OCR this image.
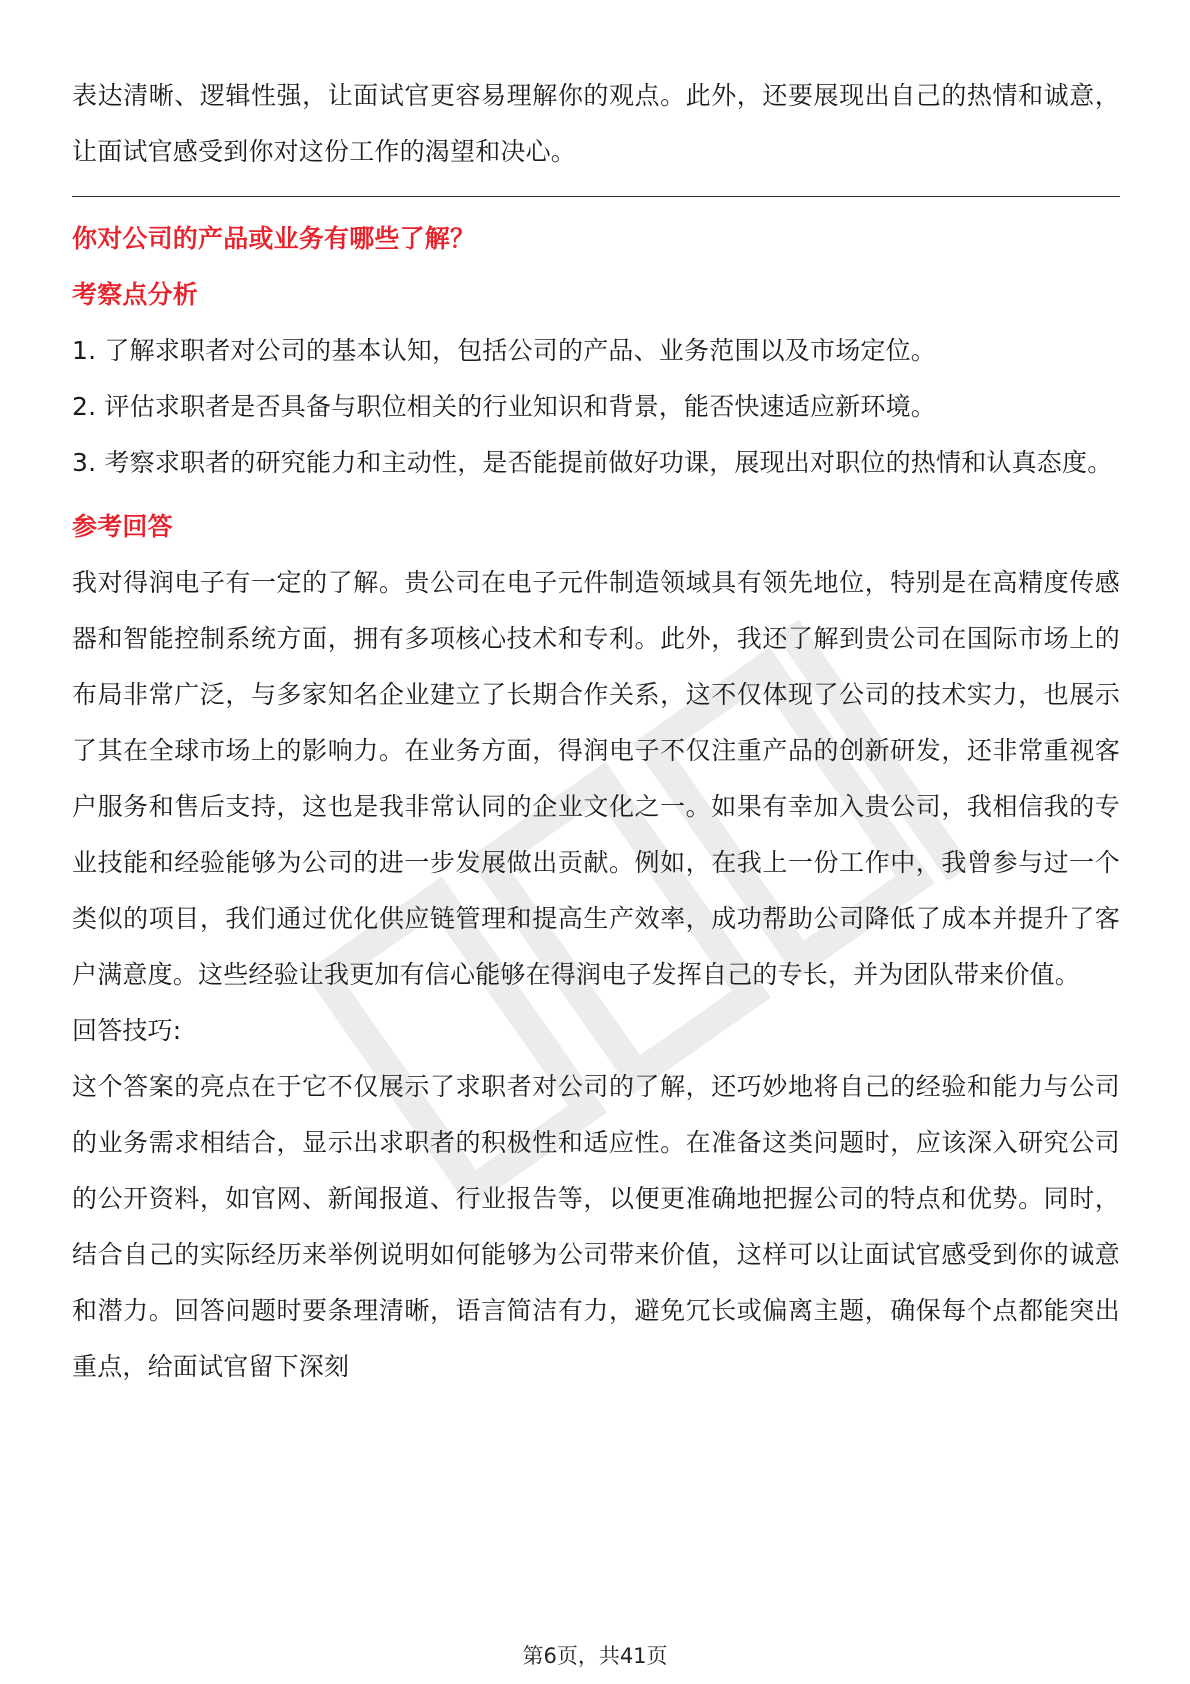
表达清晰、逻辑性强，让面试官更容易理解你的观点。此外，还要展现出自己的热情和诚意，让面试官感受到你对这份工作的渴望和决心。

你对公司的产品或业务有哪些了解？

考察点分析

1. 了解求职者对公司的基本认知，包括公司的产品、业务范围以及市场定位。

2. 评估求职者是否具备与职位相关的行业知识和背景，能否快速适应新环境。

3. 考察求职者的研究能力和主动性，是否能提前做好功课，展现出对职位的热情和认真态度。

参考回答

我对得润电子有一定的了解。贵公司在电子元件制造领域具有领先地位，特别是在高精度传感器和智能控制系统方面，拥有多项核心技术和专利。此外，我还了解到贵公司在国际市场上的布局非常广泛，与多家知名企业建立了长期合作关系，这不仅体现了公司的技术实力，也展示了其在全球市场上的影响力。在业务方面，得润电子不仅注重产品的创新研发，还非常重视客户服务和售后支持，这也是我非常认同的企业文化之一。如果有幸加入贵公司，我相信我的专业技能和经验能够为公司的进一步发展做出贡献。例如，在我上一份工作中，我曾参与过一个类似的项目，我们通过优化供应链管理和提高生产效率，成功帮助公司降低了成本并提升了客户满意度。这些经验让我更加有信心能够在得润电子发挥自己的专长，并为团队带来价值。

回答技巧:

这个答案的亮点在于它不仅展示了求职者对公司的了解，还巧妙地将自己的经验和能力与公司的业务需求相结合，显示出求职者的积极性和适应性。在准备这类问题时，应该深入研究公司的公开资料，如官网、新闻报道、行业报告等，以便更准确地把握公司的特点和优势。同时，结合自己的实际经历来举例说明如何能够为公司带来价值，这样可以让面试官感受到你的诚意和潜力。回答问题时要条理清晰，语言简洁有力，避免冗长或偏离主题，确保每个点都能突出重点，给面试官留下深刻

第6页，共41页
